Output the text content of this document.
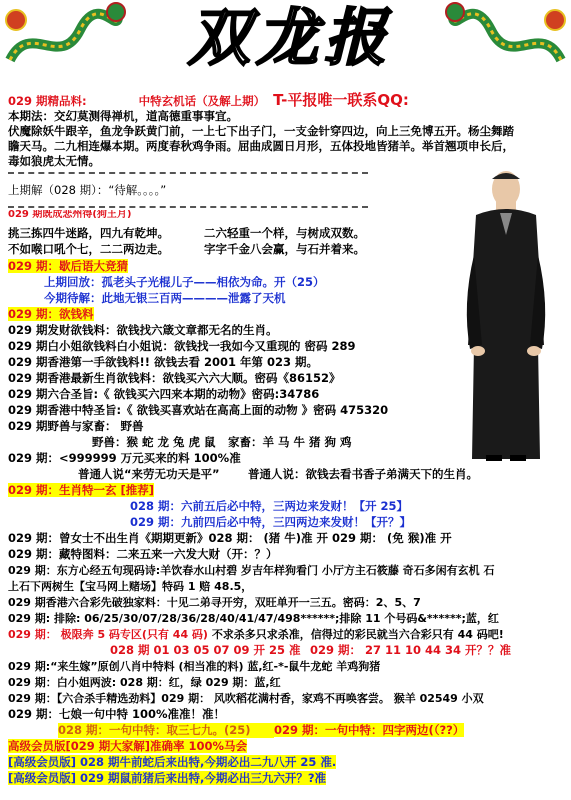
双龙报
029 期精品料:	中特玄机话（及解上期） T-平报唯一联系QQ:
本期法：交幻莫测得禅机，道高德重事事宜。
伏魔除妖牛跟辛，鱼龙争跃黄门前，一上七下出子门，一支金针穿四边，向上三免博五开。杨尘舞踏
瞻天马。二九相连爆本期。两度春秋鸡争雨。屈曲成圆日月形，五体投地皆猪羊。举首翘项申长后，
毒如狼虎太无情。
上期解（028 期）：“待解。。。。”
029 期既成悲州得(狗王月)
挑三拣四牛迷路，四九有乾坤。	二六轻重一个样，与树成双数。
不如喉口吼个七，二二两边走。	字字千金八会赢，与石并着来。
029 期：歇后语大竞猜
上期回放：孤老头子光棍儿子——相依为命。开（25）
今期待解：此地无银三百两————泄露了天机
029 期：欲钱料
029 期发财欲钱料：欲钱找六箴文章都无名的生肖。
029 期白小姐欲钱料白小姐说：欲钱找一我如今又重现的 密码 289
029 期香港第一手欲钱料!! 欲钱去看 2001 年第 023 期。
029 期香港最新生肖欲钱料：欲钱买六六大顺。密码《86152》
029 期六合圣旨:《 欲钱买六四来本期的动物》密码:34786
029 期香港中特圣旨:《 欲钱买喜欢站在高高上面的动物 》密码 475320
029 期野兽与家畜： 野兽
野兽：猴 蛇 龙 兔 虎 鼠 家畜：羊 马 牛 猪 狗 鸡
029 期：<999999 万元买来的料 100%准
普通人说“来劳无功天是平” 普通人说：欲钱去看书香子弟满天下的生肖。
029 期：生肖特一玄 [推荐]
028 期：六前五后必中特，三两边来发财！【开 25】
029 期：九前四后必中特，三四两边来发财！【开？】
029 期：曾女士不出生肖《期期更新》028 期： (猪 牛)准 开 029 期： (免 猴)准 开
029 期：藏特图料：二来五来一六发大财（开：？）
029 期：东方心经五句现码诗:羊饮春水山村碧 岁吉年样狗看门 小厅方主石筱藤 奇石多闲有玄机 石
上石下两树生【宝马网上赌场】特码 1 赔 48.5，
029 期香港六合彩先破独家料：十见二弟寻开穷，双旺单开一三五。密码：2、5、7
029 期: 排除: 06/25/30/07/28/36/28/40/41/47/498******;排除 11 个号码&******;蓝，红
029 期： 极限奔 5 码专区(只有 44 码) 不求杀多只求杀准，信得过的彩民就当六合彩只有 44 码吧!
028 期 01 03 05 07 09 开 25 准 029 期： 27 11 10 44 34 开？？准
029 期:“来生嫁”原创八肖中特料 (相当准的料) 蓝,红-*-鼠牛龙蛇 羊鸡狗猪
029 期：白小姐两波: 028 期：红，绿 029 期：蓝,红
029 期：【六合杀手精选劲料】029 期： 风吹稻花满村香，家鸡不再唤客尝。 猴羊 02549 小双
029 期：七娘一句中特 100%准准！准！
028 期：一句中特：取三七九。(25) 029 期：一句中特：四字两边(（??）
高级会员版[029 期大家解]准确率 100%马会
[高级会员版] 028 期牛前蛇后来出特,今期必出二九八开 25 准.
[高级会员版] 029 期鼠前猪后来出特,今期必出三九六开？?准
